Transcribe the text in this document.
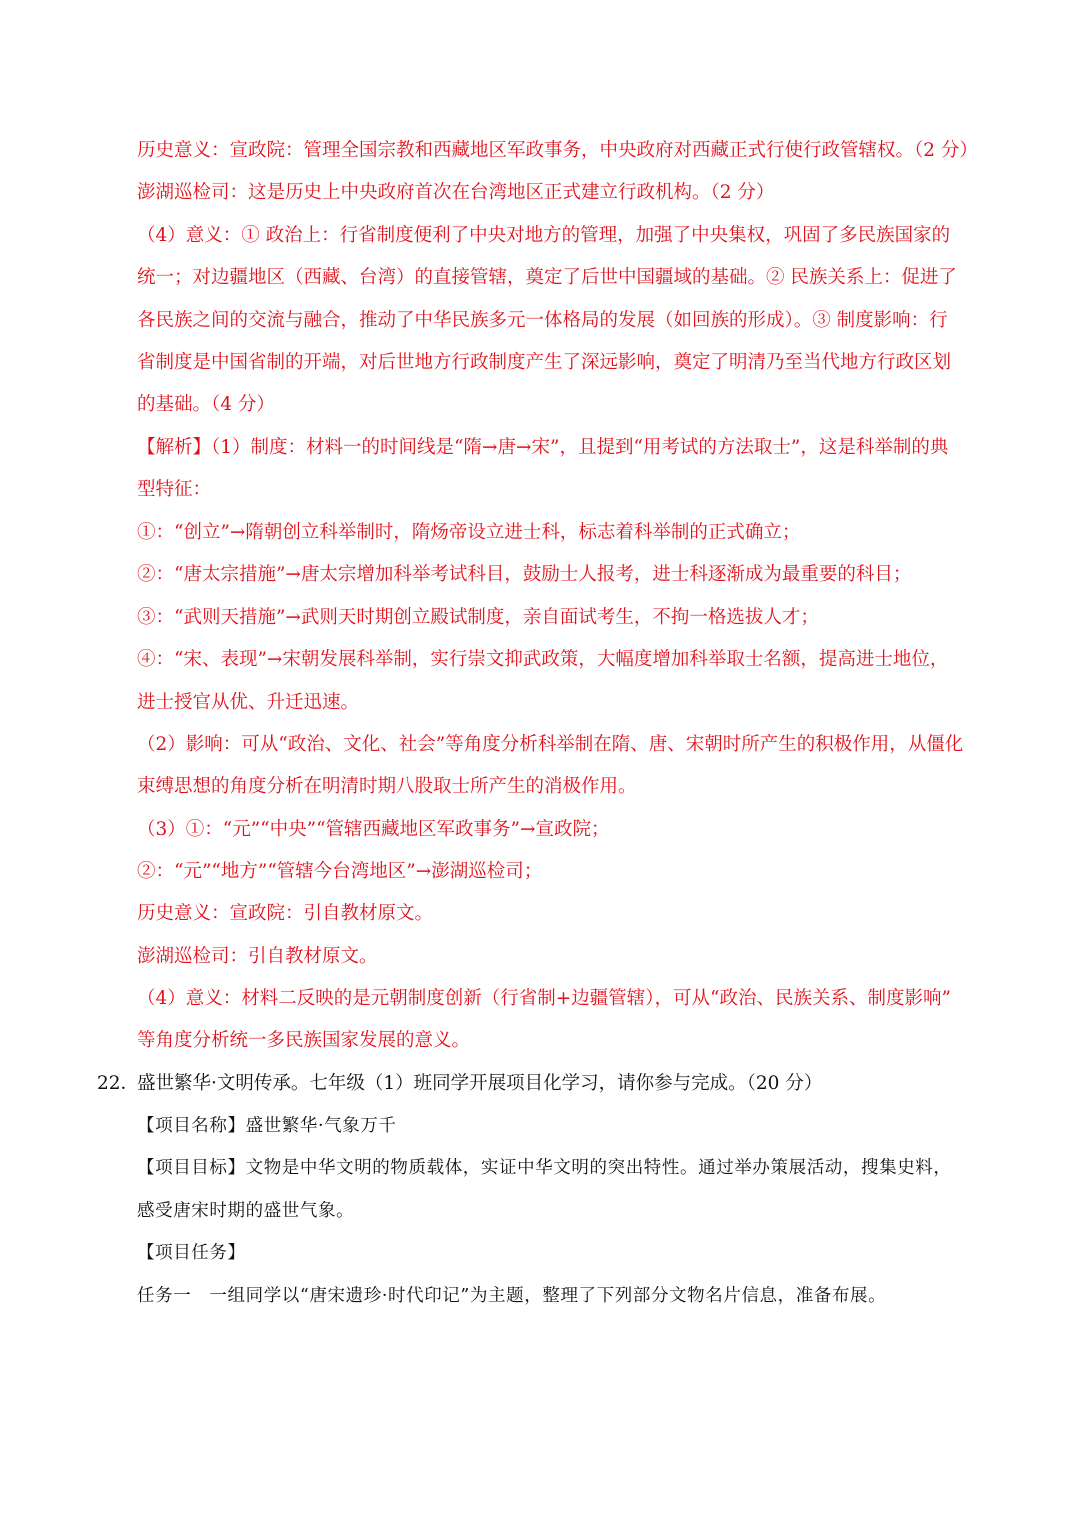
历史意义：宣政院：管理全国宗教和西藏地区军政事务，中央政府对西藏正式行使行政管辖权。（2 分）
澎湖巡检司：这是历史上中央政府首次在台湾地区正式建立行政机构。（2 分）
（4）意义：① 政治上：行省制度便利了中央对地方的管理，加强了中央集权，巩固了多民族国家的
统一；对边疆地区（西藏、台湾）的直接管辖，奠定了后世中国疆域的基础。② 民族关系上：促进了
各民族之间的交流与融合，推动了中华民族多元一体格局的发展（如回族的形成）。③ 制度影响：行
省制度是中国省制的开端，对后世地方行政制度产生了深远影响，奠定了明清乃至当代地方行政区划
的基础。（4 分）
【解析】（1）制度：材料一的时间线是“隋→唐→宋”，且提到“用考试的方法取士”，这是科举制的典
型特征：
①：“创立”→隋朝创立科举制时，隋炀帝设立进士科，标志着科举制的正式确立；
②：“唐太宗措施”→唐太宗增加科举考试科目，鼓励士人报考，进士科逐渐成为最重要的科目；
③：“武则天措施”→武则天时期创立殿试制度，亲自面试考生，不拘一格选拔人才；
④：“宋、表现”→宋朝发展科举制，实行崇文抑武政策，大幅度增加科举取士名额，提高进士地位，
进士授官从优、升迁迅速。
（2）影响：可从“政治、文化、社会”等角度分析科举制在隋、唐、宋朝时所产生的积极作用，从僵化
束缚思想的角度分析在明清时期八股取士所产生的消极作用。
（3）①：“元”“中央”“管辖西藏地区军政事务”→宣政院；
②：“元”“地方”“管辖今台湾地区”→澎湖巡检司；
历史意义：宣政院：引自教材原文。
澎湖巡检司：引自教材原文。
（4）意义：材料二反映的是元朝制度创新（行省制+边疆管辖），可从“政治、民族关系、制度影响”
等角度分析统一多民族国家发展的意义。
22．
盛世繁华·文明传承。七年级（1）班同学开展项目化学习，请你参与完成。（20 分）
【项目名称】盛世繁华·气象万千
【项目目标】文物是中华文明的物质载体，实证中华文明的突出特性。通过举办策展活动，搜集史料，
感受唐宋时期的盛世气象。
【项目任务】
任务一　一组同学以“唐宋遗珍·时代印记”为主题，整理了下列部分文物名片信息，准备布展。
